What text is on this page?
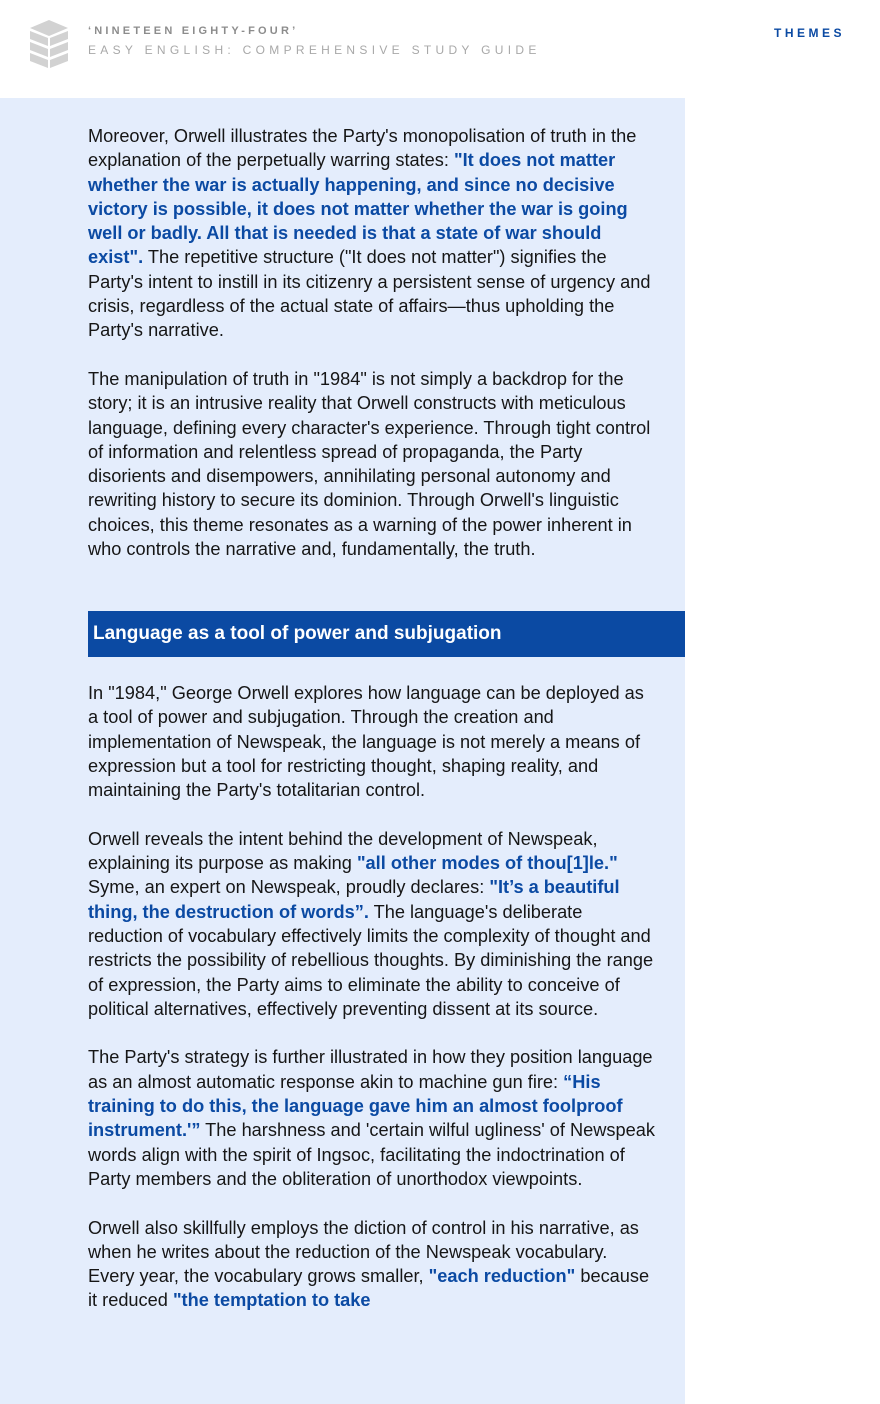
‘NINETEEN EIGHTY-FOUR’
EASY ENGLISH: COMPREHENSIVE STUDY GUIDE
THEMES

Moreover, Orwell illustrates the Party's monopolisation of truth in the explanation of the perpetually warring states: "It does not matter whether the war is actually happening, and since no decisive victory is possible, it does not matter whether the war is going well or badly. All that is needed is that a state of war should exist". The repetitive structure ("It does not matter") signifies the Party's intent to instill in its citizenry a persistent sense of urgency and crisis, regardless of the actual state of affairs—thus upholding the Party's narrative.

The manipulation of truth in "1984" is not simply a backdrop for the story; it is an intrusive reality that Orwell constructs with meticulous language, defining every character's experience. Through tight control of information and relentless spread of propaganda, the Party disorients and disempowers, annihilating personal autonomy and rewriting history to secure its dominion. Through Orwell's linguistic choices, this theme resonates as a warning of the power inherent in who controls the narrative and, fundamentally, the truth.

Language as a tool of power and subjugation

In "1984," George Orwell explores how language can be deployed as a tool of power and subjugation. Through the creation and implementation of Newspeak, the language is not merely a means of expression but a tool for restricting thought, shaping reality, and maintaining the Party's totalitarian control.

Orwell reveals the intent behind the development of Newspeak, explaining its purpose as making "all other modes of thou[1]le." Syme, an expert on Newspeak, proudly declares: "It’s a beautiful thing, the destruction of words”. The language's deliberate reduction of vocabulary effectively limits the complexity of thought and restricts the possibility of rebellious thoughts. By diminishing the range of expression, the Party aims to eliminate the ability to conceive of political alternatives, effectively preventing dissent at its source.

The Party's strategy is further illustrated in how they position language as an almost automatic response akin to machine gun fire: “His training to do this, the language gave him an almost foolproof instrument.'” The harshness and 'certain wilful ugliness' of Newspeak words align with the spirit of Ingsoc, facilitating the indoctrination of Party members and the obliteration of unorthodox viewpoints.

Orwell also skillfully employs the diction of control in his narrative, as when he writes about the reduction of the Newspeak vocabulary. Every year, the vocabulary grows smaller, "each reduction" because it reduced "the temptation to take
